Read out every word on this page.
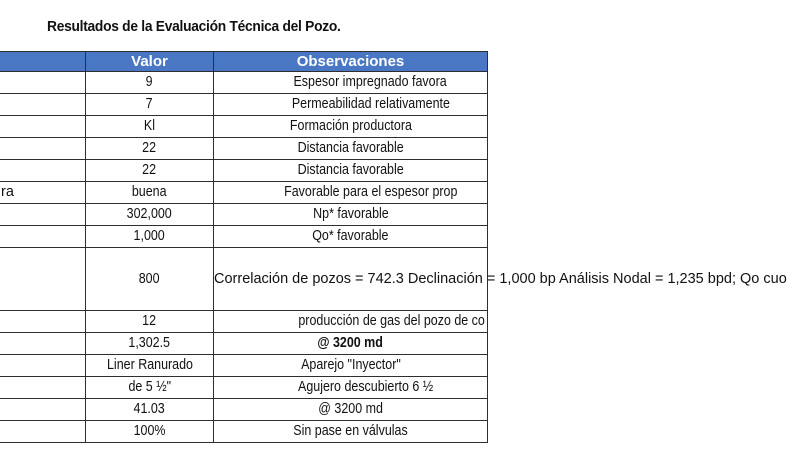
Resultados de la Evaluación Técnica del Pozo.
	Valor	Observaciones
	9	Espesor impregnado favora
	7	Permeabilidad relativamente
	Kl	Formación productora
	22	Distancia favorable
	22	Distancia favorable
ra	buena	Favorable para el espesor prop
	302,000	Np* favorable
	1,000	Qo* favorable
	800	Correlación de pozos = 742.3 Declinación = 1,000 bp Análisis Nodal = 1,235 bpd; Qo cuo
	12	producción de gas del pozo de co
	1,302.5	@ 3200 md
	Liner Ranurado	Aparejo "Inyector"
	de 5 ½"	Agujero descubierto 6 ½
	41.03	@ 3200 md
	100%	Sin pase en válvulas
